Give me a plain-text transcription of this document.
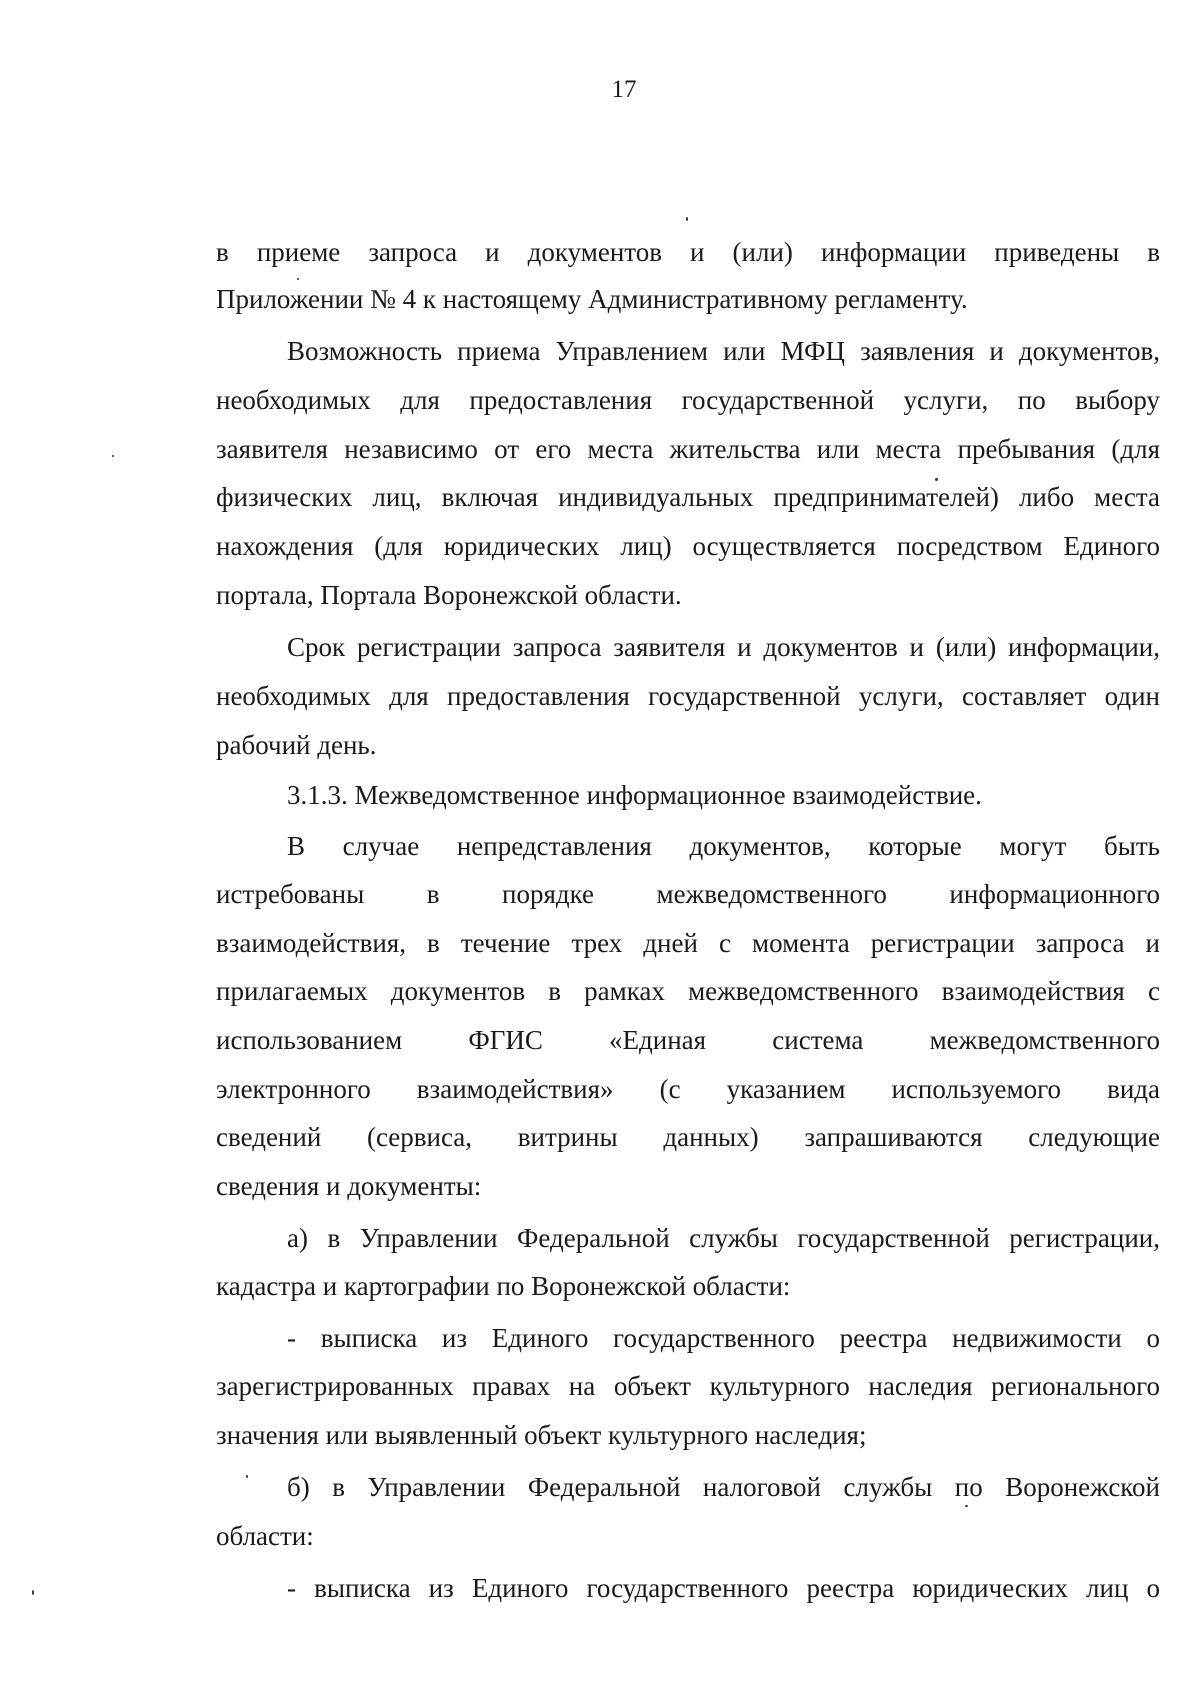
17
в приеме запроса и документов и (или) информации приведены в
Приложении № 4 к настоящему Административному регламенту.
Возможность приема Управлением или МФЦ заявления и документов,
необходимых для предоставления государственной услуги, по выбору
заявителя независимо от его места жительства или места пребывания (для
физических лиц, включая индивидуальных предпринимателей) либо места
нахождения (для юридических лиц) осуществляется посредством Единого
портала, Портала Воронежской области.
Срок регистрации запроса заявителя и документов и (или) информации,
необходимых для предоставления государственной услуги, составляет один
рабочий день.
3.1.3. Межведомственное информационное взаимодействие.
В случае непредставления документов, которые могут быть
истребованы в порядке межведомственного информационного
взаимодействия, в течение трех дней с момента регистрации запроса и
прилагаемых документов в рамках межведомственного взаимодействия с
использованием ФГИС «Единая система межведомственного
электронного взаимодействия» (с указанием используемого вида
сведений (сервиса, витрины данных) запрашиваются следующие
сведения и документы:
а) в Управлении Федеральной службы государственной регистрации,
кадастра и картографии по Воронежской области:
- выписка из Единого государственного реестра недвижимости о
зарегистрированных правах на объект культурного наследия регионального
значения или выявленный объект культурного наследия;
б) в Управлении Федеральной налоговой службы по Воронежской
области:
- выписка из Единого государственного реестра юридических лиц о
